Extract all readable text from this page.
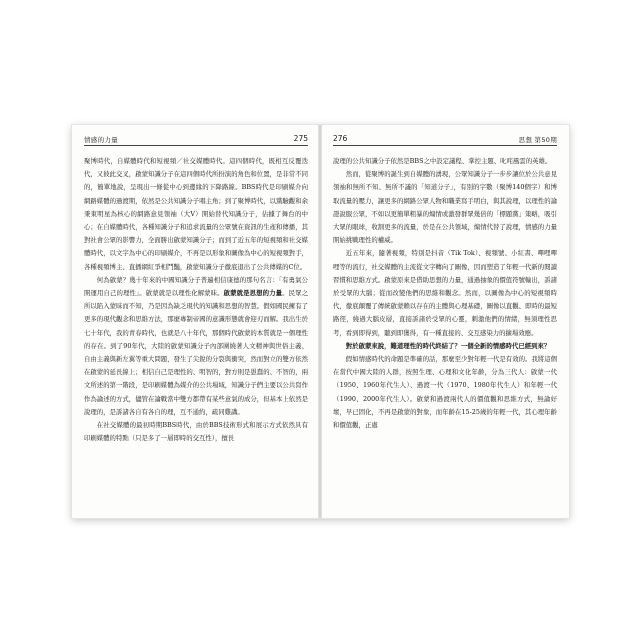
情感的力量	275

聚博時代，自媒體時代和短視頻／社交媒體時代。這四個時代，既相互反覆迭代，又彼此交叉，啟蒙知識分子在這四個時代所扮演的角色和位置，是非常不同的，簡單地說，呈現出一條從中心到邊緣的下降路線。BBS時代是印刷媒介向網路媒體的過渡期，依然是公共知識分子唱主角；到了聚博時代，以黨驗觀和余秉東明星為核心的網路意見領袖（大V）開始替代知識分子，佔據了舞台的中心；在自媒體時代，各種知識分子和追求流量的公眾號在資訊的生產和傳播，其對社會公眾的影響力，全面勝出啟蒙知識分子；而到了近五年的短視頻和社交媒體時代，以文字為中心的印刷媒介，不再是以形象和圖像為中心的短視頻對手，各種視頻博主、直播網紅爭相鬥豔，啟蒙知識分子徹底退出了公共傳媒的C位。

何為啟蒙？幾十年來的中國知識分子普遍相信康德的那句名言：「有勇氣公開運用自己的理性」。啟蒙就是以理性化解蒙昧。啟蒙就是思想的力量。民眾之所以陷入蒙昧而不知，乃是因為缺乏現代的知識和思想的智慧。假如國民擁有了更多的現代觀念和思維方法，那麼專制帝國的意識形態就會迎刃而解。我出生於七十年代，我的青春時代，也就是八十年代，那個時代啟蒙的本質就是一個理性的存在。到了90年代，大陸的啟蒙知識分子內部圍繞著人文精神與世俗主義、自由主義與新左翼等重大問題，發生了尖銳的分裂與衝突，然而對立的雙方依然在啟蒙的延長線上；相信自己是理性的、明智的，對方則是愚蠢的、不智的，兩文所述的第一階段，是印刷媒體為媒介的公共場域，知識分子們主要以公共寫作作為論述的方式，儘管在論戰當中雙方都帶有某些意氣的成分，但基本上依然是說理的，是訴諸各自有各自的理，互不通約，疏同雞講。

在社交媒體的最初時期BBS時代，由於BBS技術形式和展示方式依然具有印刷媒體的特點（只是多了一層即時的交互性），擅長

276	思想 第50期

說理的公共知識分子依然是BBS之中設定議程、掌控主題、叱咤風雲的英雄。

然而，從聚博的誕生到自媒體的湧現，公眾知識分子一步步讓位於公共意見領袖和無所不知、無所不議的「知道分子」，有別的字數（聚博140個字）和博取流量的壓力，讓更多的網路公眾人物和職業寫手明白，與其說理，以理性的論證說服公眾，不如以更簡單粗暴的煽情或激發群眾幾倍的「標題黨」策略，吸引大眾的眼球，收割更多的流量，於是在公共領域，煽情代替了說理，情感的力量開始挑戰理性的權威。

近五年來，隨著視頻，特別是抖音（Tik Tok）、視頻號、小紅書、嗶哩嗶哩等的流行，社交媒體的主流從文字轉向了圖像，因而塑造了年輕一代新的閱讀習慣和思維方式。啟蒙原來是借助思想的力量，通過抽象的價值符號輸出，訴諸於受眾的大腦；從而改變他們的思維和觀念。然而，以圖像為中心的短視頻時代，徹底顛覆了傳統啟蒙賴以存在的主體與心理基礎，圖像以直觀、即時的最短路徑，繞過大腦皮層，直接訴諸於受眾的心靈，刺激他們的情緒，無須理性思考，看到即得到，聽到即獲得，有一種直接的、交互感染力的擴場效應。

對於啟蒙來說，難道理性的時代終結了？一個全新的情感時代已經到來？

假如情感時代的命題是準確的話，那麼至少對年輕一代是有效的。我將這個在當代中國大陸的人群，按照生理、心理和文化年齡，分為三代人：啟蒙一代（1950、1960年代生人）、過渡一代（1970、1980年代生人）和年輕一代（1990、2000年代生人）。啟蒙和過渡兩代人的價值觀和思維方式，無論好壞，早已固化，不再是啟蒙的對象，而年齡在15-25歲的年輕一代，其心理年齡和價值觀，正處
